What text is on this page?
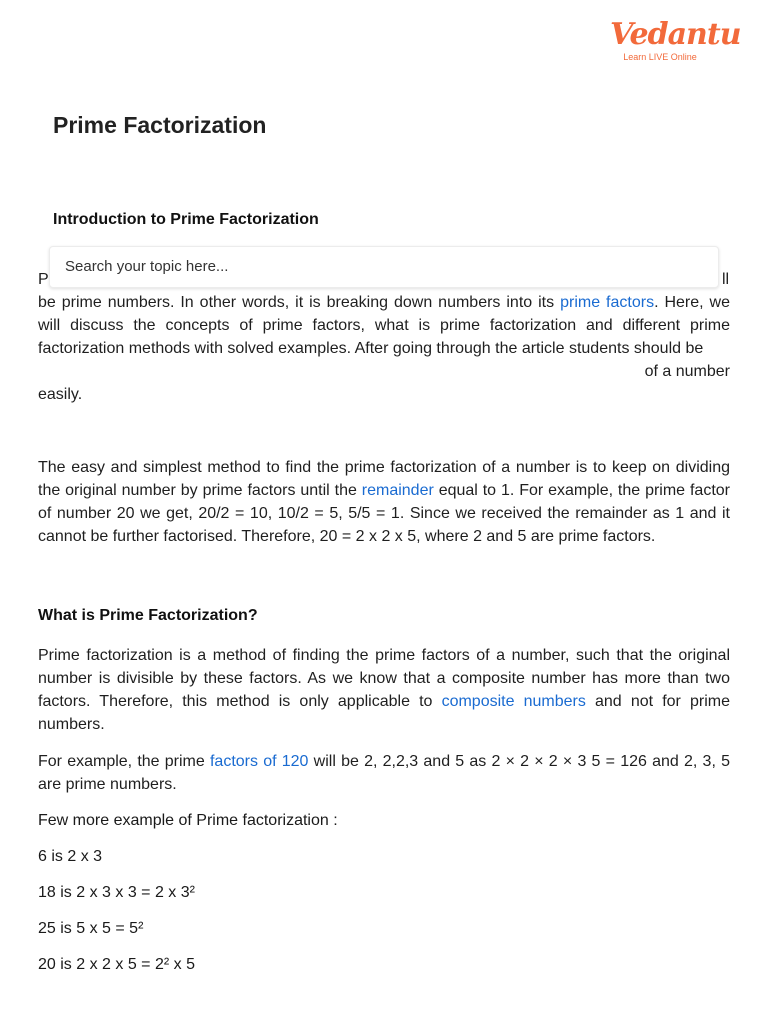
Vedantu
Learn LIVE Online
Prime Factorization
Introduction to Prime Factorization
Search your topic here...
P	ll

be prime numbers. In other words, it is breaking down numbers into its prime factors. Here, we will discuss the concepts of prime factors, what is prime factorization and different prime factorization methods with solved examples. After going through the article students should be

of a number

easily.

The easy and simplest method to find the prime factorization of a number is to keep on dividing the original number by prime factors until the remainder equal to 1. For example, the prime factor of number 20 we get, 20/2 = 10, 10/2 = 5, 5/5 = 1. Since we received the remainder as 1 and it cannot be further factorised. Therefore, 20 = 2 x 2 x 5, where 2 and 5 are prime factors.

What is Prime Factorization?

Prime factorization is a method of finding the prime factors of a number, such that the original number is divisible by these factors. As we know that a composite number has more than two factors. Therefore, this method is only applicable to composite numbers and not for prime numbers.

For example, the prime factors of 120 will be 2, 2,2,3 and 5 as 2 × 2 × 2 × 3 5 = 126 and 2, 3, 5 are prime numbers.

Few more example of Prime factorization :

6 is 2 x 3

18 is 2 x 3 x 3 = 2 x 3²

25 is 5 x 5 = 5²

20 is 2 x 2 x 5 = 2² x 5
